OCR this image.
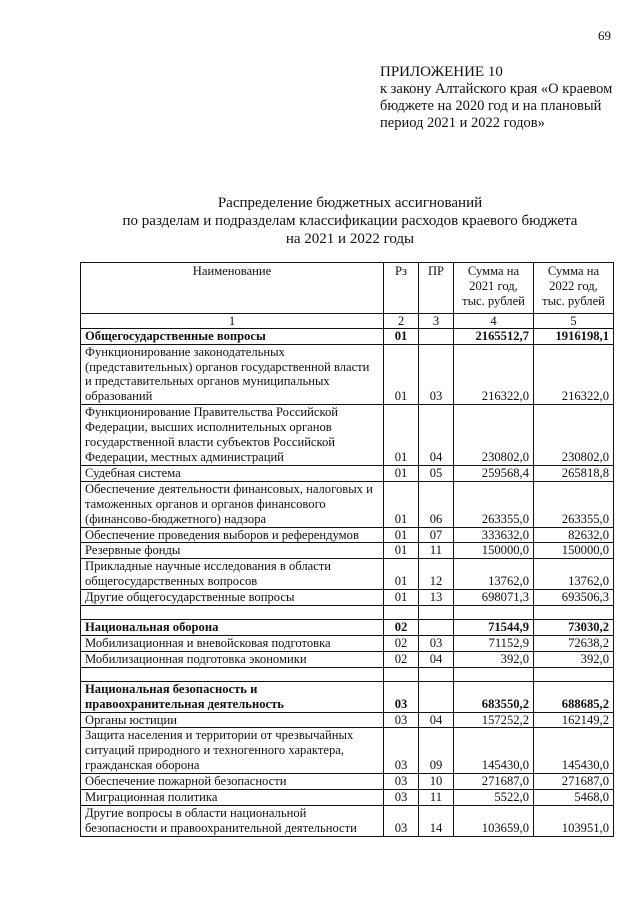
69
ПРИЛОЖЕНИЕ 10
к закону Алтайского края «О краевом бюджете на 2020 год и на плановый период 2021 и 2022 годов»
Распределение бюджетных ассигнований
по разделам и подразделам классификации расходов краевого бюджета
на 2021 и 2022 годы
Наименование	Рз	ПР	Сумма на 2021 год, тыс. рублей	Сумма на 2022 год, тыс. рублей
1	2	3	4	5
Общегосударственные вопросы	01		2165512,7	1916198,1
Функционирование законодательных (представительных) органов государственной власти и представительных органов муниципальных образований	01	03	216322,0	216322,0
Функционирование Правительства Российской Федерации, высших исполнительных органов государственной власти субъектов Российской Федерации, местных администраций	01	04	230802,0	230802,0
Судебная система	01	05	259568,4	265818,8
Обеспечение деятельности финансовых, налоговых и таможенных органов и органов финансового (финансово-бюджетного) надзора	01	06	263355,0	263355,0
Обеспечение проведения выборов и референдумов	01	07	333632,0	82632,0
Резервные фонды	01	11	150000,0	150000,0
Прикладные научные исследования в области общегосударственных вопросов	01	12	13762,0	13762,0
Другие общегосударственные вопросы	01	13	698071,3	693506,3

Национальная оборона	02		71544,9	73030,2
Мобилизационная и вневойсковая подготовка	02	03	71152,9	72638,2
Мобилизационная подготовка экономики	02	04	392,0	392,0

Национальная безопасность и правоохранительная деятельность	03		683550,2	688685,2
Органы юстиции	03	04	157252,2	162149,2
Защита населения и территории от чрезвычайных ситуаций природного и техногенного характера, гражданская оборона	03	09	145430,0	145430,0
Обеспечение пожарной безопасности	03	10	271687,0	271687,0
Миграционная политика	03	11	5522,0	5468,0
Другие вопросы в области национальной безопасности и правоохранительной деятельности	03	14	103659,0	103951,0
